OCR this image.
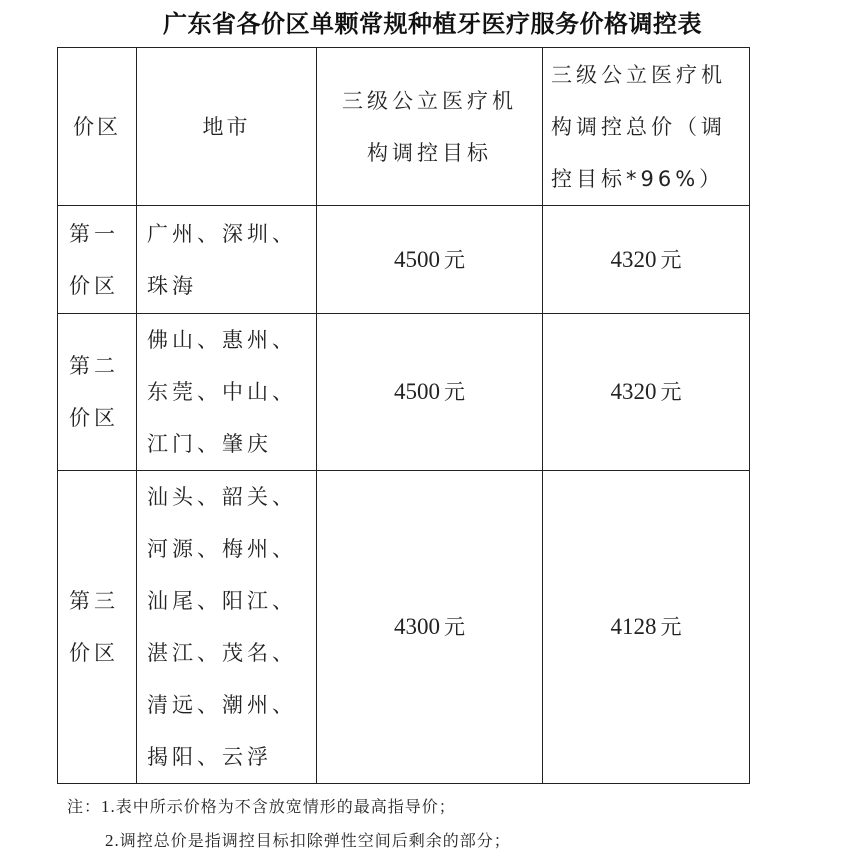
广东省各价区单颗常规种植牙医疗服务价格调控表
价区	地市	三级公立医疗机构调控目标	三级公立医疗机构调控总价（调控目标*96%）

第一价区	广州、深圳、珠海	4500 元	4320 元

第二价区	佛山、惠州、东莞、中山、江门、肇庆	4500 元	4320 元

第三价区	汕头、韶关、河源、梅州、汕尾、阳江、湛江、茂名、清远、潮州、揭阳、云浮	4300 元	4128 元
注：1.表中所示价格为不含放宽情形的最高指导价；
2.调控总价是指调控目标扣除弹性空间后剩余的部分；
